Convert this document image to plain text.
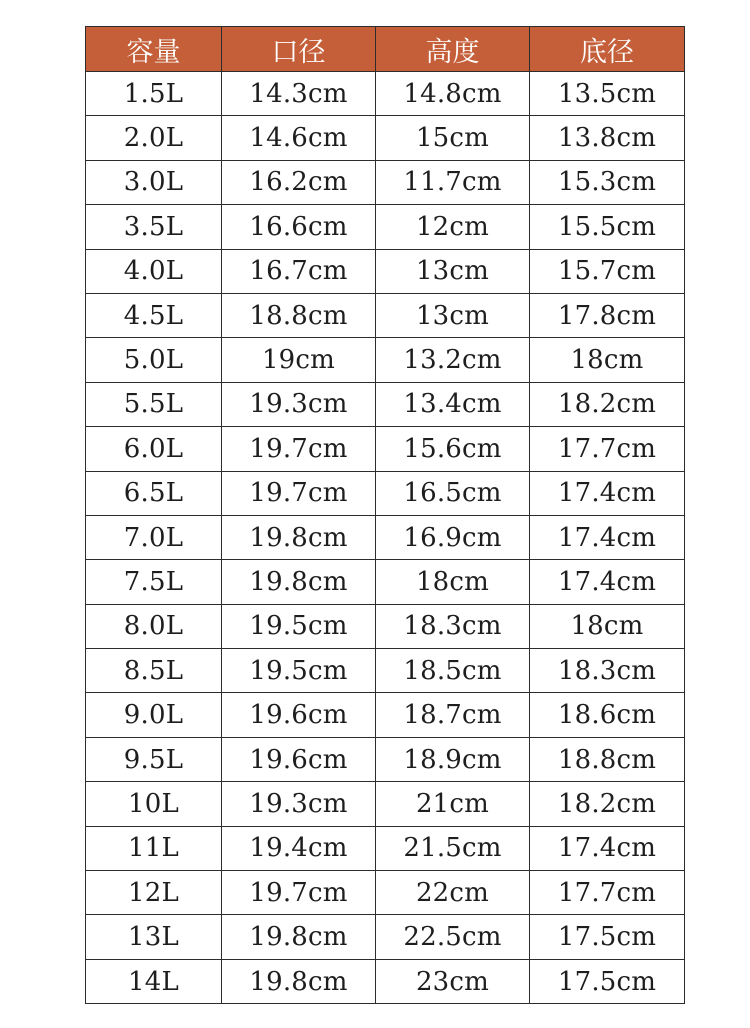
容量	口径	高度	底径
1.5L	14.3cm	14.8cm	13.5cm
2.0L	14.6cm	15cm	13.8cm
3.0L	16.2cm	11.7cm	15.3cm
3.5L	16.6cm	12cm	15.5cm
4.0L	16.7cm	13cm	15.7cm
4.5L	18.8cm	13cm	17.8cm
5.0L	19cm	13.2cm	18cm
5.5L	19.3cm	13.4cm	18.2cm
6.0L	19.7cm	15.6cm	17.7cm
6.5L	19.7cm	16.5cm	17.4cm
7.0L	19.8cm	16.9cm	17.4cm
7.5L	19.8cm	18cm	17.4cm
8.0L	19.5cm	18.3cm	18cm
8.5L	19.5cm	18.5cm	18.3cm
9.0L	19.6cm	18.7cm	18.6cm
9.5L	19.6cm	18.9cm	18.8cm
10L	19.3cm	21cm	18.2cm
11L	19.4cm	21.5cm	17.4cm
12L	19.7cm	22cm	17.7cm
13L	19.8cm	22.5cm	17.5cm
14L	19.8cm	23cm	17.5cm
